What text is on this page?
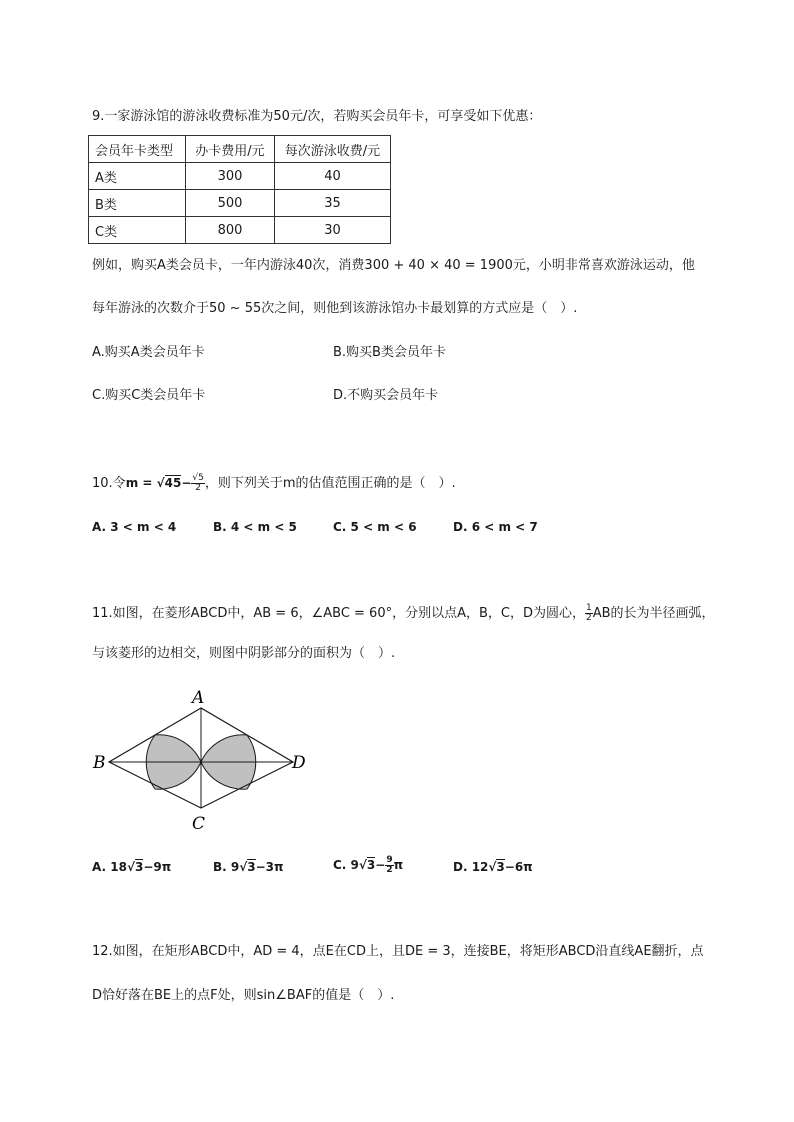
9.一家游泳馆的游泳收费标准为50元/次，若购买会员年卡，可享受如下优惠：
会员年卡类型	办卡费用/元	每次游泳收费/元
A类	300	40
B类	500	35
C类	800	30
例如，购买A类会员卡，一年内游泳40次，消费300 + 40 × 40 = 1900元，小明非常喜欢游泳运动，他
每年游泳的次数介于50 ~ 55次之间，则他到该游泳馆办卡最划算的方式应是（　）.
A.购买A类会员年卡	B.购买B类会员年卡
C.购买C类会员年卡	D.不购买会员年卡
10.令$m = √45- \frac{√5}{2}$ ，则下列关于m的估值范围正确的是（　）.
A. 3 < m < 4	B. 4 < m < 5	C. 5 < m < 6	D. 6 < m < 7
11.如图，在菱形ABCD中，AB = 6，∠ABC = 60°，分别以点A，B，C，D为圆心， $\frac{1}{2}$ AB的长为半径画弧，
与该菱形的边相交，则图中阴影部分的面积为（　）.
A
B
C
D
A. 18√3−9π	B. 9√3−3π	C. $9√3- \frac{9}{2}$ π	D. 12√3−6π
12.如图，在矩形ABCD中，AD = 4，点E在CD上，且DE = 3，连接BE，将矩形ABCD沿直线AE翻折，点
D恰好落在BE上的点F处，则sin∠BAF的值是（　）.
